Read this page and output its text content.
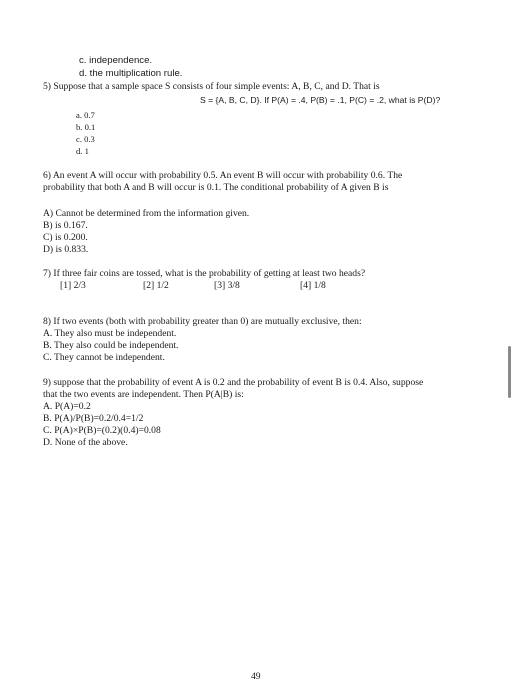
c. independence.
d. the multiplication rule.
5) Suppose that a sample space S consists of four simple events: A, B, C, and D. That is
S = {A, B, C, D}. If P(A) = .4, P(B) = .1, P(C) = .2, what is P(D)?
a. 0.7
b. 0.1
c. 0.3
d. 1
6) An event A will occur with probability 0.5. An event B will occur with probability 0.6. The
probability that both A and B will occur is 0.1. The conditional probability of A given B is
A) Cannot be determined from the information given.
B) is 0.167.
C) is 0.200.
D) is 0.833.
7) If three fair coins are tossed, what is the probability of getting at least two heads?
[1] 2/3	[2] 1/2	[3] 3/8	[4] 1/8
8) If two events (both with probability greater than 0) are mutually exclusive, then:
A. They also must be independent.
B. They also could be independent.
C. They cannot be independent.
9) suppose that the probability of event A is 0.2 and the probability of event B is 0.4. Also, suppose
that the two events are independent. Then P(A|B) is:
A. P(A)=0.2
B. P(A)/P(B)=0.2/0.4=1/2
C. P(A)×P(B)=(0.2)(0.4)=0.08
D. None of the above.
49
